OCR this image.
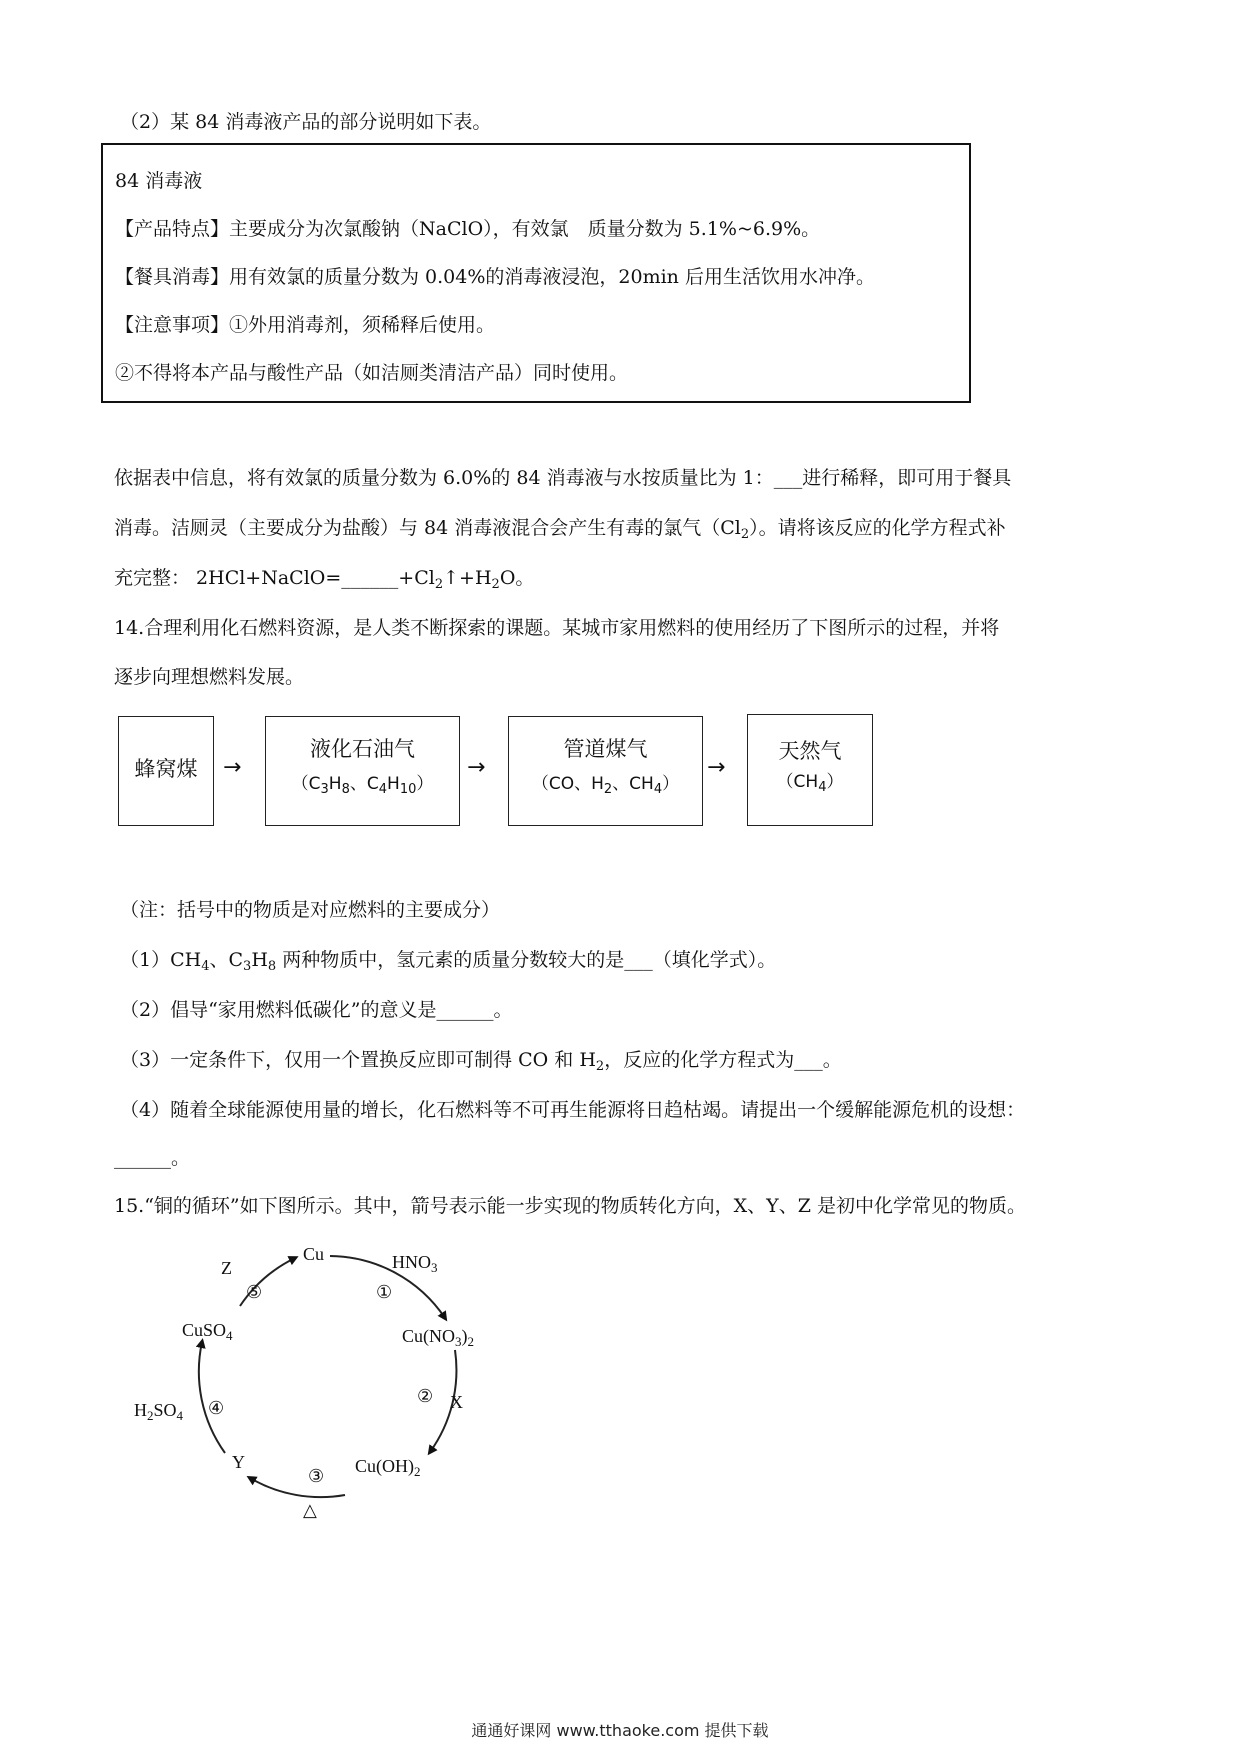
（2）某 84 消毒液产品的部分说明如下表。
84 消毒液
【产品特点】主要成分为次氯酸钠（NaClO），有效氯　质量分数为 5.1%~6.9%。
【餐具消毒】用有效氯的质量分数为 0.04%的消毒液浸泡，20min 后用生活饮用水冲净。
【注意事项】①外用消毒剂，须稀释后使用。
②不得将本产品与酸性产品（如洁厕类清洁产品）同时使用。
依据表中信息，将有效氯的质量分数为 6.0%的 84 消毒液与水按质量比为 1：___进行稀释，即可用于餐具
消毒。洁厕灵（主要成分为盐酸）与 84 消毒液混合会产生有毒的氯气$(Cl_2)$。请将该反应的化学方程式补
充完整： $2HCl+NaClO=\_\_\_\_\_\_+Cl_2↑+H_2O$。
14.合理利用化石燃料资源，是人类不断探索的课题。某城市家用燃料的使用经历了下图所示的过程，并将
逐步向理想燃料发展。
蜂窝煤	→
液化石油气
（$C_3H_8$、$C_4H_{10}$）
→
管道煤气
（CO、$H_2$、$CH_4$）
→
天然气
$(CH_4)$
（注：括号中的物质是对应燃料的主要成分）
$(1)CH_4$、$C_3H_8$ 两种物质中，氢元素的质量分数较大的是___（填化学式）。
（2）倡导“家用燃料低碳化”的意义是______。
（3）一定条件下，仅用一个置换反应即可制得 CO 和 $H_2$，反应的化学方程式为___。
（4）随着全球能源使用量的增长，化石燃料等不可再生能源将日趋枯竭。请提出一个缓解能源危机的设想：
______。
15.“铜的循环”如下图所示。其中，箭号表示能一步实现的物质转化方向，X、Y、Z 是初中化学常见的物质。
Cu	$HNO_3$
①
$Cu(NO_3)_2$
② X
$Cu(OH)_2$
③
△
Y
④
$H_2SO_4$
CuSO$_4$
⑤
Z
通通好课网 www.tthaoke.com 提供下载
